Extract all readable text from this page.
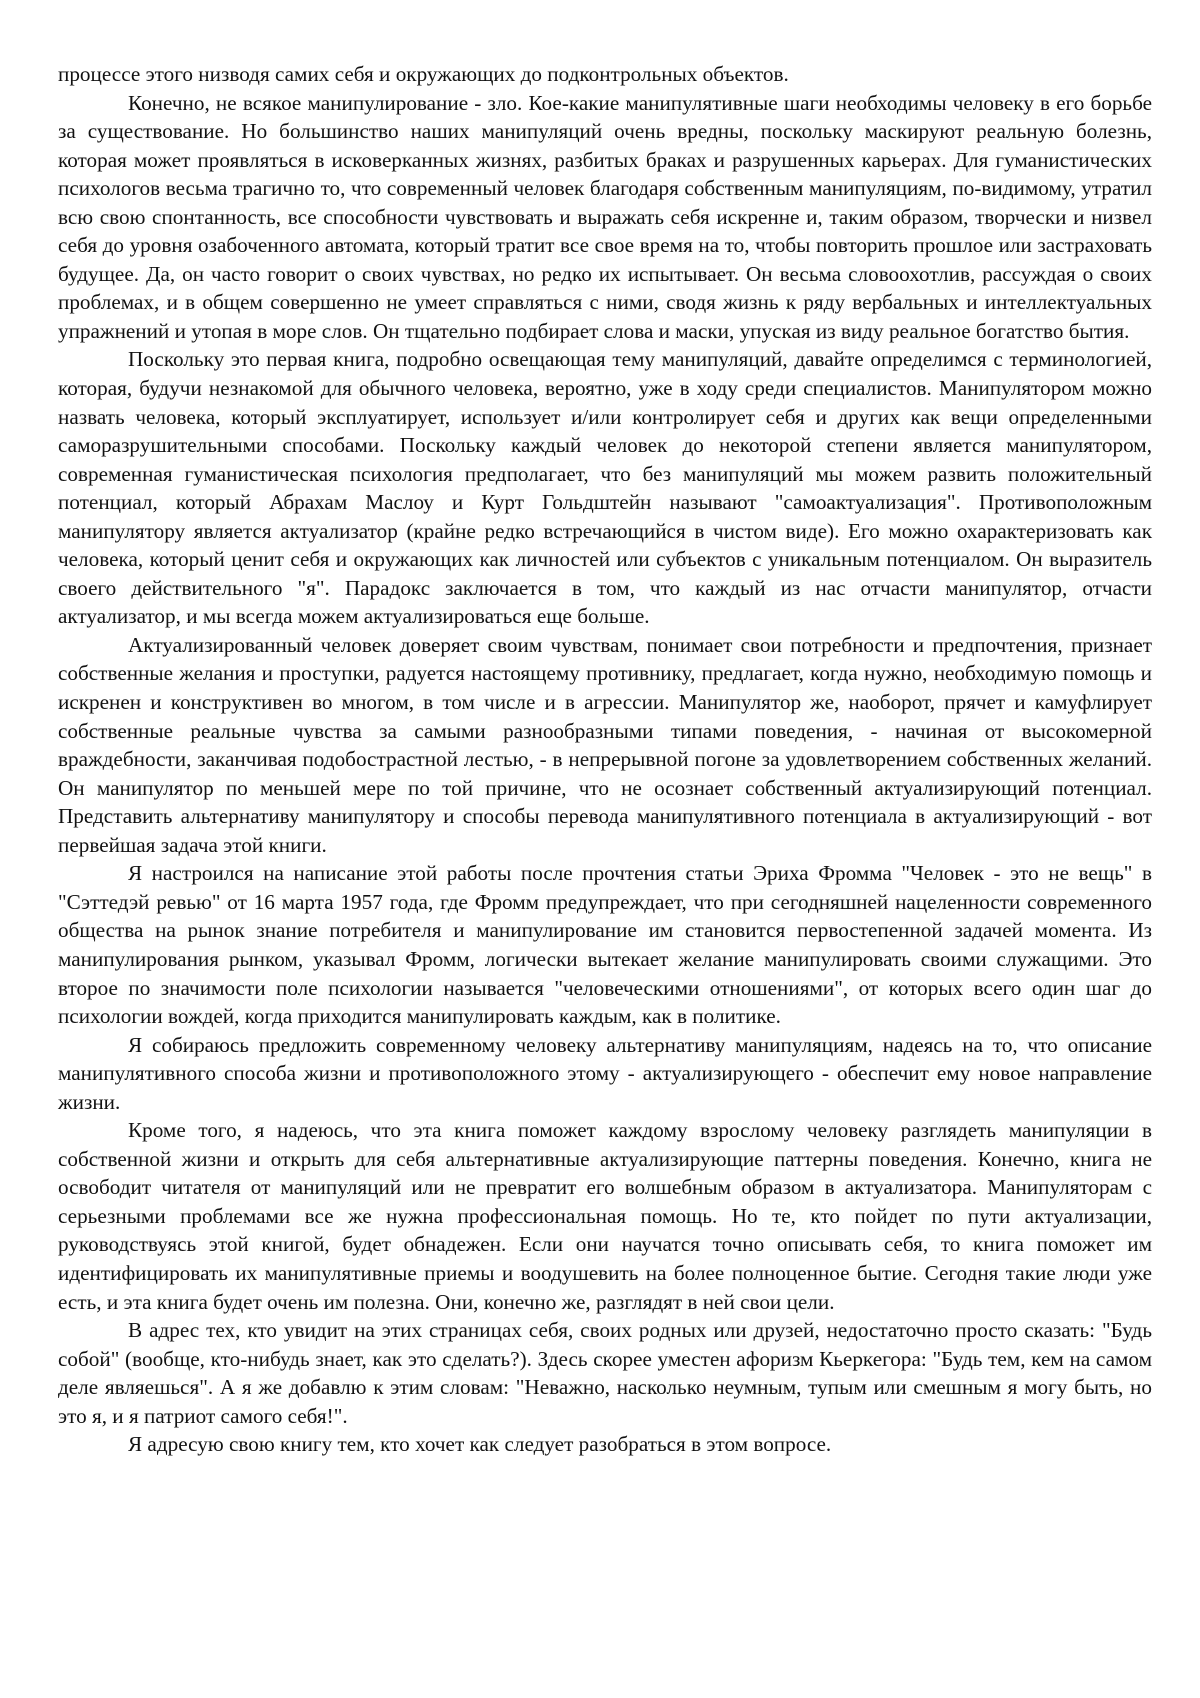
процессе этого низводя самих себя и окружающих до подконтрольных объектов.

Конечно, не всякое манипулирование - зло. Кое-какие манипулятивные шаги необходимы человеку в его борьбе за существование. Но большинство наших манипуляций очень вредны, поскольку маскируют реальную болезнь, которая может проявляться в исковерканных жизнях, разбитых браках и разрушенных карьерах. Для гуманистических психологов весьма трагично то, что современный человек благодаря собственным манипуляциям, по-видимому, утратил всю свою спонтанность, все способности чувствовать и выражать себя искренне и, таким образом, творчески и низвел себя до уровня озабоченного автомата, который тратит все свое время на то, чтобы повторить прошлое или застраховать будущее. Да, он часто говорит о своих чувствах, но редко их испытывает. Он весьма словоохотлив, рассуждая о своих проблемах, и в общем совершенно не умеет справляться с ними, сводя жизнь к ряду вербальных и интеллектуальных упражнений и утопая в море слов. Он тщательно подбирает слова и маски, упуская из виду реальное богатство бытия.

Поскольку это первая книга, подробно освещающая тему манипуляций, давайте определимся с терминологией, которая, будучи незнакомой для обычного человека, вероятно, уже в ходу среди специалистов. Манипулятором можно назвать человека, который эксплуатирует, использует и/или контролирует себя и других как вещи определенными саморазрушительными способами. Поскольку каждый человек до некоторой степени является манипулятором, современная гуманистическая психология предполагает, что без манипуляций мы можем развить положительный потенциал, который Абрахам Маслоу и Курт Гольдштейн называют "самоактуализация". Противоположным манипулятору является актуализатор (крайне редко встречающийся в чистом виде). Его можно охарактеризовать как человека, который ценит себя и окружающих как личностей или субъектов с уникальным потенциалом. Он выразитель своего действительного "я". Парадокс заключается в том, что каждый из нас отчасти манипулятор, отчасти актуализатор, и мы всегда можем актуализироваться еще больше.

Актуализированный человек доверяет своим чувствам, понимает свои потребности и предпочтения, признает собственные желания и проступки, радуется настоящему противнику, предлагает, когда нужно, необходимую помощь и искренен и конструктивен во многом, в том числе и в агрессии. Манипулятор же, наоборот, прячет и камуфлирует собственные реальные чувства за самыми разнообразными типами поведения, - начиная от высокомерной враждебности, заканчивая подобострастной лестью, - в непрерывной погоне за удовлетворением собственных желаний. Он манипулятор по меньшей мере по той причине, что не осознает собственный актуализирующий потенциал. Представить альтернативу манипулятору и способы перевода манипулятивного потенциала в актуализирующий - вот первейшая задача этой книги.

Я настроился на написание этой работы после прочтения статьи Эриха Фромма "Человек - это не вещь" в "Сэттедэй ревью" от 16 марта 1957 года, где Фромм предупреждает, что при сегодняшней нацеленности современного общества на рынок знание потребителя и манипулирование им становится первостепенной задачей момента. Из манипулирования рынком, указывал Фромм, логически вытекает желание манипулировать своими служащими. Это второе по значимости поле психологии называется "человеческими отношениями", от которых всего один шаг до психологии вождей, когда приходится манипулировать каждым, как в политике.

Я собираюсь предложить современному человеку альтернативу манипуляциям, надеясь на то, что описание манипулятивного способа жизни и противоположного этому - актуализирующего - обеспечит ему новое направление жизни.

Кроме того, я надеюсь, что эта книга поможет каждому взрослому человеку разглядеть манипуляции в собственной жизни и открыть для себя альтернативные актуализирующие паттерны поведения. Конечно, книга не освободит читателя от манипуляций или не превратит его волшебным образом в актуализатора. Манипуляторам с серьезными проблемами все же нужна профессиональная помощь. Но те, кто пойдет по пути актуализации, руководствуясь этой книгой, будет обнадежен. Если они научатся точно описывать себя, то книга поможет им идентифицировать их манипулятивные приемы и воодушевить на более полноценное бытие. Сегодня такие люди уже есть, и эта книга будет очень им полезна. Они, конечно же, разглядят в ней свои цели.

В адрес тех, кто увидит на этих страницах себя, своих родных или друзей, недостаточно просто сказать: "Будь собой" (вообще, кто-нибудь знает, как это сделать?). Здесь скорее уместен афоризм Кьеркегора: "Будь тем, кем на самом деле являешься". А я же добавлю к этим словам: "Неважно, насколько неумным, тупым или смешным я могу быть, но это я, и я патриот самого себя!".

Я адресую свою книгу тем, кто хочет как следует разобраться в этом вопросе.
